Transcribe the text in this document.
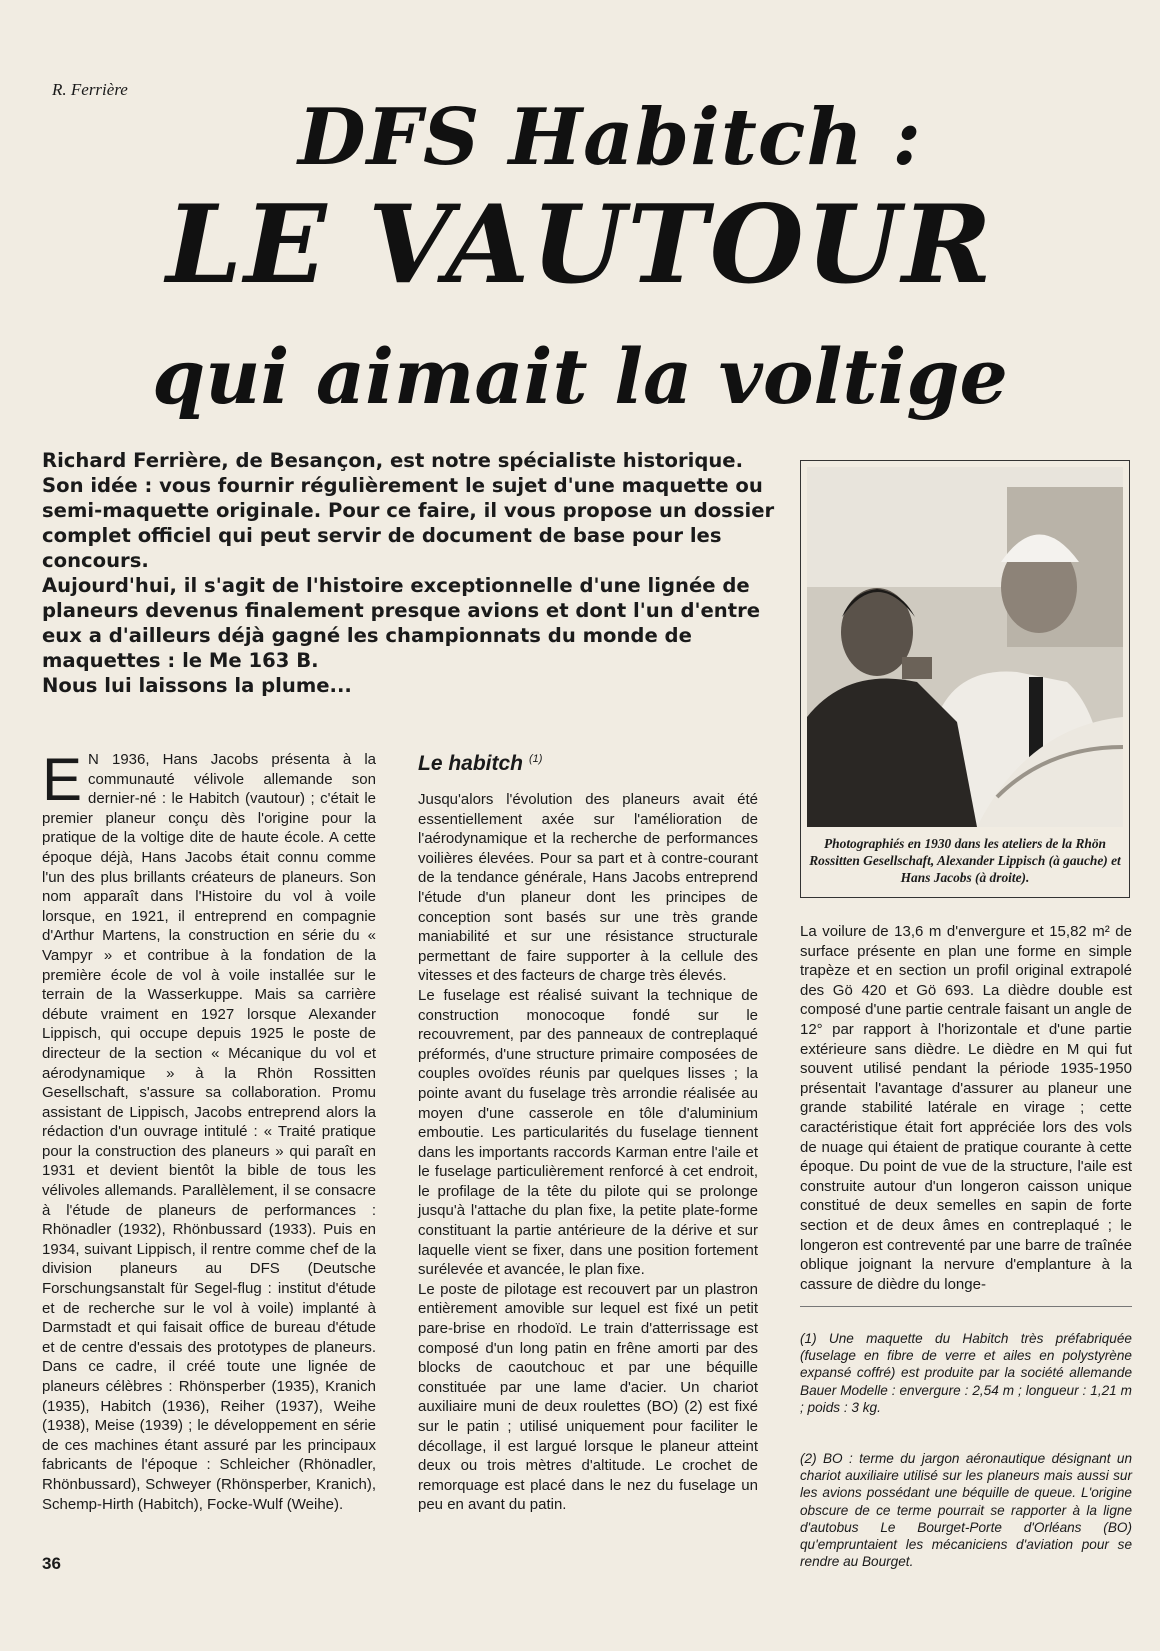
R. Ferrière
DFS Habitch :
LE VAUTOUR
qui aimait la voltige

Richard Ferrière, de Besançon, est notre spécialiste historique. Son idée : vous fournir régulièrement le sujet d'une maquette ou semi-maquette originale. Pour ce faire, il vous propose un dossier complet officiel qui peut servir de document de base pour les concours.

Aujourd'hui, il s'agit de l'histoire exceptionnelle d'une lignée de planeurs devenus finalement presque avions et dont l'un d'entre eux a d'ailleurs déjà gagné les championnats du monde de maquettes : le Me 163 B.

Nous lui laissons la plume...

Photographiés en 1930 dans les ateliers de la Rhön Rossitten Gesellschaft, Alexander Lippisch (à gauche) et Hans Jacobs (à droite).
E N 1936, Hans Jacobs présenta à la communauté vélivole allemande son dernier-né : le Habitch (vautour) ; c'était le premier planeur conçu dès l'origine pour la pratique de la voltige dite de haute école. A cette époque déjà, Hans Jacobs était connu comme l'un des plus brillants créateurs de planeurs. Son nom apparaît dans l'Histoire du vol à voile lorsque, en 1921, il entreprend en compagnie d'Arthur Martens, la construction en série du « Vampyr » et contribue à la fondation de la première école de vol à voile installée sur le terrain de la Wasserkuppe. Mais sa carrière débute vraiment en 1927 lorsque Alexander Lippisch, qui occupe depuis 1925 le poste de directeur de la section « Mécanique du vol et aérodynamique » à la Rhön Rossitten Gesellschaft, s'assure sa collaboration. Promu assistant de Lippisch, Jacobs entreprend alors la rédaction d'un ouvrage intitulé : « Traité pratique pour la construction des planeurs » qui paraît en 1931 et devient bientôt la bible de tous les vélivoles allemands. Parallèlement, il se consacre à l'étude de planeurs de performances : Rhönadler (1932), Rhönbussard (1933). Puis en 1934, suivant Lippisch, il rentre comme chef de la division planeurs au DFS (Deutsche Forschungsanstalt für Segel-flug : institut d'étude et de recherche sur le vol à voile) implanté à Darmstadt et qui faisait office de bureau d'étude et de centre d'essais des prototypes de planeurs. Dans ce cadre, il créé toute une lignée de planeurs célèbres : Rhönsperber (1935), Kranich (1935), Habitch (1936), Reiher (1937), Weihe (1938), Meise (1939) ; le développement en série de ces machines étant assuré par les principaux fabricants de l'époque : Schleicher (Rhönadler, Rhönbussard), Schweyer (Rhönsperber, Kranich), Schemp-Hirth (Habitch), Focke-Wulf (Weihe).
Le habitch $^{(1)}$

Jusqu'alors l'évolution des planeurs avait été essentiellement axée sur l'amélioration de l'aérodynamique et la recherche de performances voilières élevées. Pour sa part et à contre-courant de la tendance générale, Hans Jacobs entreprend l'étude d'un planeur dont les principes de conception sont basés sur une très grande maniabilité et sur une résistance structurale permettant de faire supporter à la cellule des vitesses et des facteurs de charge très élevés.

Le fuselage est réalisé suivant la technique de construction monocoque fondé sur le recouvrement, par des panneaux de contreplaqué préformés, d'une structure primaire composées de couples ovoïdes réunis par quelques lisses ; la pointe avant du fuselage très arrondie réalisée au moyen d'une casserole en tôle d'aluminium emboutie. Les particularités du fuselage tiennent dans les importants raccords Karman entre l'aile et le fuselage particulièrement renforcé à cet endroit, le profilage de la tête du pilote qui se prolonge jusqu'à l'attache du plan fixe, la petite plate-forme constituant la partie antérieure de la dérive et sur laquelle vient se fixer, dans une position fortement surélevée et avancée, le plan fixe.

Le poste de pilotage est recouvert par un plastron entièrement amovible sur lequel est fixé un petit pare-brise en rhodoïd. Le train d'atterrissage est composé d'un long patin en frêne amorti par des blocks de caoutchouc et par une béquille constituée par une lame d'acier. Un chariot auxiliaire muni de deux roulettes (BO) (2) est fixé sur le patin ; utilisé uniquement pour faciliter le décollage, il est largué lorsque le planeur atteint deux ou trois mètres d'altitude. Le crochet de remorquage est placé dans le nez du fuselage un peu en avant du patin.

La voilure de 13,6 m d'envergure et 15,82 m² de surface présente en plan une forme en simple trapèze et en section un profil original extrapolé des Gö 420 et Gö 693. La dièdre double est composé d'une partie centrale faisant un angle de 12° par rapport à l'horizontale et d'une partie extérieure sans dièdre. Le dièdre en M qui fut souvent utilisé pendant la période 1935-1950 présentait l'avantage d'assurer au planeur une grande stabilité latérale en virage ; cette caractéristique était fort appréciée lors des vols de nuage qui étaient de pratique courante à cette époque. Du point de vue de la structure, l'aile est construite autour d'un longeron caisson unique constitué de deux semelles en sapin de forte section et de deux âmes en contreplaqué ; le longeron est contreventé par une barre de traînée oblique joignant la nervure d'emplanture à la cassure de dièdre du longe-

(1) Une maquette du Habitch très préfabriquée (fuselage en fibre de verre et ailes en polystyrène expansé coffré) est produite par la société allemande Bauer Modelle : envergure : 2,54 m ; longueur : 1,21 m ; poids : 3 kg.
(2) BO : terme du jargon aéronautique désignant un chariot auxiliaire utilisé sur les planeurs mais aussi sur les avions possédant une béquille de queue. L'origine obscure de ce terme pourrait se rapporter à la ligne d'autobus Le Bourget-Porte d'Orléans (BO) qu'empruntaient les mécaniciens d'aviation pour se rendre au Bourget.
36
